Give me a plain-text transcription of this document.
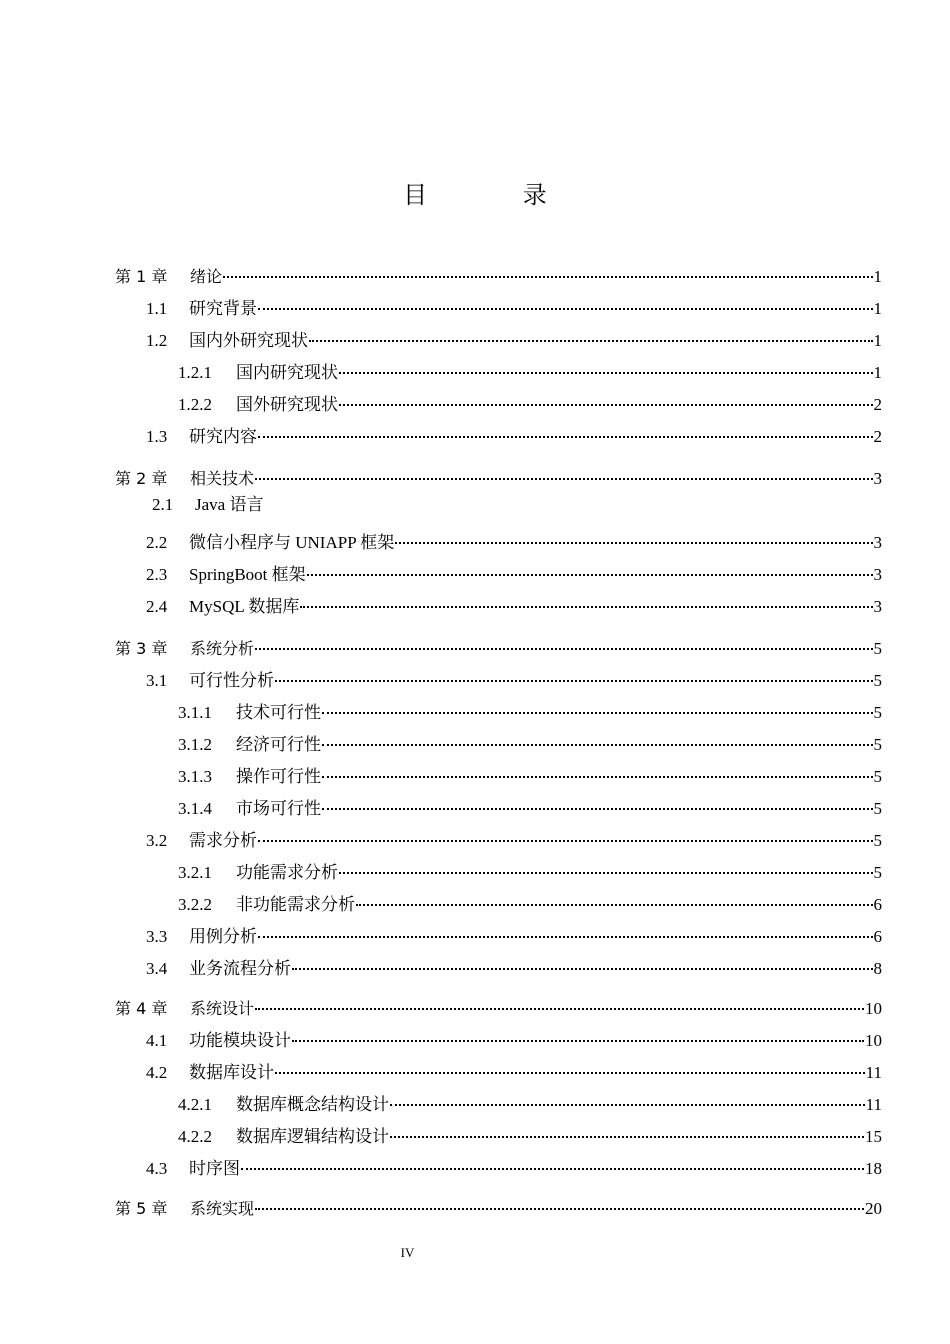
目 录
第 1 章	绪论	1
1.1	研究背景	1
1.2	国内外研究现状	1
1.2.1	国内研究现状	1
1.2.2	国外研究现状	2
1.3	研究内容	2
第 2 章	相关技术	3
2.1	Java 语言
2.2	微信小程序与 UNIAPP 框架	3
2.3	SpringBoot 框架	3
2.4	MySQL 数据库	3
第 3 章	系统分析	5
3.1	可行性分析	5
3.1.1	技术可行性	5
3.1.2	经济可行性	5
3.1.3	操作可行性	5
3.1.4	市场可行性	5
3.2	需求分析	5
3.2.1	功能需求分析	5
3.2.2	非功能需求分析	6
3.3	用例分析	6
3.4	业务流程分析	8
第 4 章	系统设计	10
4.1	功能模块设计	10
4.2	数据库设计	11
4.2.1	数据库概念结构设计	11
4.2.2	数据库逻辑结构设计	15
4.3	时序图	18
第 5 章	系统实现	20
IV
